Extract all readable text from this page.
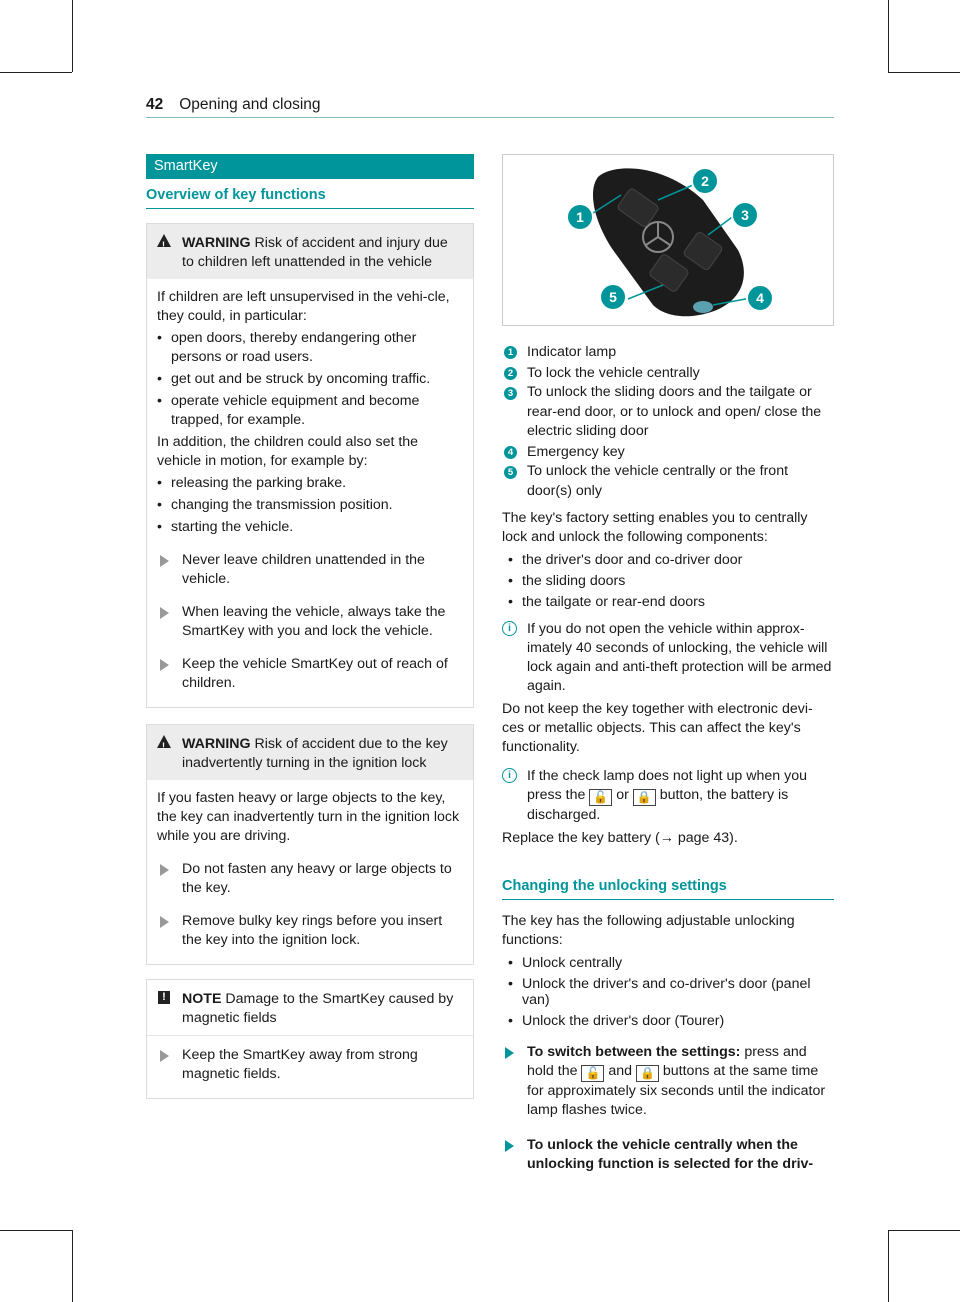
42 Opening and closing
SmartKey
Overview of key functions
!
WARNING Risk of accident and injury due to children left unattended in the vehicle
If children are left unsupervised in the vehi-cle, they could, in particular:
• open doors, thereby endangering other persons or road users.
• get out and be struck by oncoming traffic.
• operate vehicle equipment and become trapped, for example.
In addition, the children could also set the vehicle in motion, for example by:
• releasing the parking brake.
• changing the transmission position.
• starting the vehicle.
Never leave children unattended in the vehicle.
When leaving the vehicle, always take the SmartKey with you and lock the vehicle.
Keep the vehicle SmartKey out of reach of children.
!
WARNING Risk of accident due to the key inadvertently turning in the ignition lock
If you fasten heavy or large objects to the key, the key can inadvertently turn in the ignition lock while you are driving.
Do not fasten any heavy or large objects to the key.
Remove bulky key rings before you insert the key into the ignition lock.
! NOTE Damage to the SmartKey caused by magnetic fields
Keep the SmartKey away from strong magnetic fields.
1
2
3
4
5
1 Indicator lamp
2 To lock the vehicle centrally
3 To unlock the sliding doors and the tailgate or rear-end door, or to unlock and open/ close the electric sliding door
4 Emergency key
5 To unlock the vehicle centrally or the front door(s) only
The key's factory setting enables you to centrally lock and unlock the following components:
• the driver's door and co-driver door
• the sliding doors
• the tailgate or rear-end doors
i	If you do not open the vehicle within approx-imately 40 seconds of unlocking, the vehicle will lock again and anti-theft protection will be armed again.
Do not keep the key together with electronic devi-ces or metallic objects. This can affect the key's functionality.
i	If the check lamp does not light up when you press the 🔓 or 🔒 button, the battery is discharged.
Replace the key battery (→ page 43).
Changing the unlocking settings
The key has the following adjustable unlocking functions:
• Unlock centrally
• Unlock the driver's and co-driver's door (panel van)
• Unlock the driver's door (Tourer)
To switch between the settings: press and hold the 🔓 and 🔒 buttons at the same time for approximately six seconds until the indicator lamp flashes twice.
To unlock the vehicle centrally when the unlocking function is selected for the driv-
